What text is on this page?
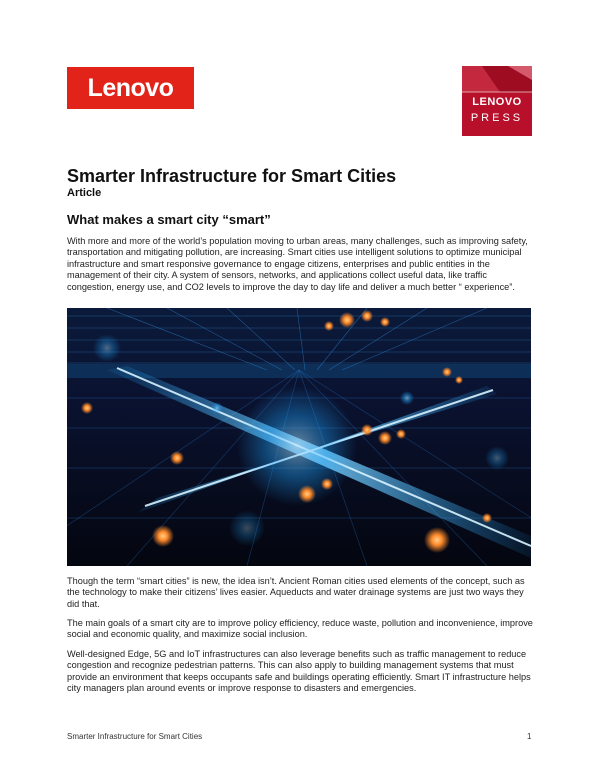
Lenovo
LENOVO
PRESS
Smarter Infrastructure for Smart Cities
Article
What makes a smart city “smart”

With more and more of the world’s population moving to urban areas, many challenges, such as improving safety, transportation and mitigating pollution, are increasing. Smart cities use intelligent solutions to optimize municipal infrastructure and smart responsive governance to engage citizens, enterprises and public entities in the management of their city. A system of sensors, networks, and applications collect useful data, like traffic congestion, energy use, and CO2 levels to improve the day to day life and deliver a much better “ experience”.

Though the term “smart cities” is new, the idea isn’t. Ancient Roman cities used elements of the concept, such as the technology to make their citizens’ lives easier. Aqueducts and water drainage systems are just two ways they did that.

The main goals of a smart city are to improve policy efficiency, reduce waste, pollution and inconvenience, improve social and economic quality, and maximize social inclusion.

Well-designed Edge, 5G and IoT infrastructures can also leverage benefits such as traffic management to reduce congestion and recognize pedestrian patterns. This can also apply to building management systems that must provide an environment that keeps occupants safe and buildings operating efficiently. Smart IT infrastructure helps city managers plan around events or improve response to disasters and emergencies.

Smarter Infrastructure for Smart Cities	1
